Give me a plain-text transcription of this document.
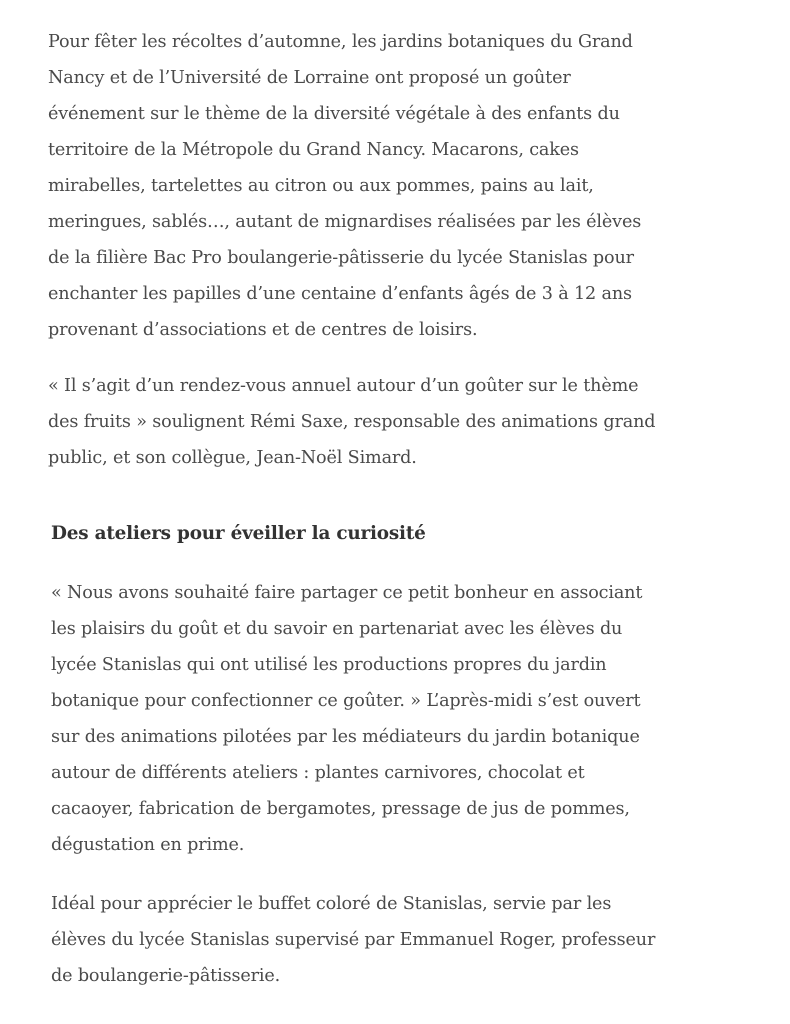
Pour fêter les récoltes d’automne, les jardins botaniques du Grand
Nancy et de l’Université de Lorraine ont proposé un goûter
événement sur le thème de la diversité végétale à des enfants du
territoire de la Métropole du Grand Nancy. Macarons, cakes
mirabelles, tartelettes au citron ou aux pommes, pains au lait,
meringues, sablés…, autant de mignardises réalisées par les élèves
de la filière Bac Pro boulangerie-pâtisserie du lycée Stanislas pour
enchanter les papilles d’une centaine d’enfants âgés de 3 à 12 ans
provenant d’associations et de centres de loisirs.

« Il s’agit d’un rendez-vous annuel autour d’un goûter sur le thème
des fruits » soulignent Rémi Saxe, responsable des animations grand
public, et son collègue, Jean-Noël Simard.

Des ateliers pour éveiller la curiosité

« Nous avons souhaité faire partager ce petit bonheur en associant
les plaisirs du goût et du savoir en partenariat avec les élèves du
lycée Stanislas qui ont utilisé les productions propres du jardin
botanique pour confectionner ce goûter. » L’après-midi s’est ouvert
sur des animations pilotées par les médiateurs du jardin botanique
autour de différents ateliers : plantes carnivores, chocolat et
cacaoyer, fabrication de bergamotes, pressage de jus de pommes,
dégustation en prime.

Idéal pour apprécier le buffet coloré de Stanislas, servie par les
élèves du lycée Stanislas supervisé par Emmanuel Roger, professeur
de boulangerie-pâtisserie.
